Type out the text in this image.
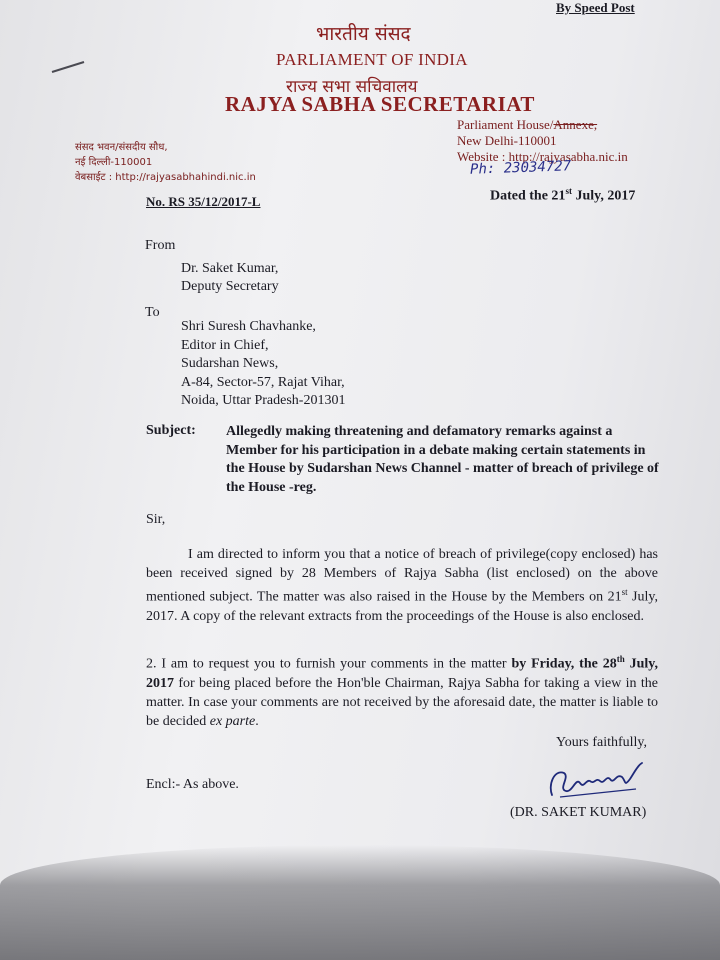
By Speed Post
भारतीय संसद
PARLIAMENT OF INDIA
राज्य सभा सचिवालय
RAJYA SABHA SECRETARIAT
संसद भवन/संसदीय सौध,
नई दिल्ली-110001
वेबसाईट : http://rajyasabhahindi.nic.in
Parliament House/Annexe,
New Delhi-110001
Website : http://rajyasabha.nic.in
Ph: 23034727
No. RS 35/12/2017-L	Dated the 21st July, 2017
From
Dr. Saket Kumar,
Deputy Secretary
To
Shri Suresh Chavhanke,
Editor in Chief,
Sudarshan News,
A-84, Sector-57, Rajat Vihar,
Noida, Uttar Pradesh-201301
Subject: Allegedly making threatening and defamatory remarks against a Member for his participation in a debate making certain statements in the House by Sudarshan News Channel - matter of breach of privilege of the House -reg.
Sir,
I am directed to inform you that a notice of breach of privilege(copy enclosed) has been received signed by 28 Members of Rajya Sabha (list enclosed) on the above mentioned subject. The matter was also raised in the House by the Members on 21st July, 2017. A copy of the relevant extracts from the proceedings of the House is also enclosed.
2. I am to request you to furnish your comments in the matter by Friday, the 28th July, 2017 for being placed before the Hon'ble Chairman, Rajya Sabha for taking a view in the matter. In case your comments are not received by the aforesaid date, the matter is liable to be decided ex parte.
Yours faithfully,
Encl:- As above.
(DR. SAKET KUMAR)
